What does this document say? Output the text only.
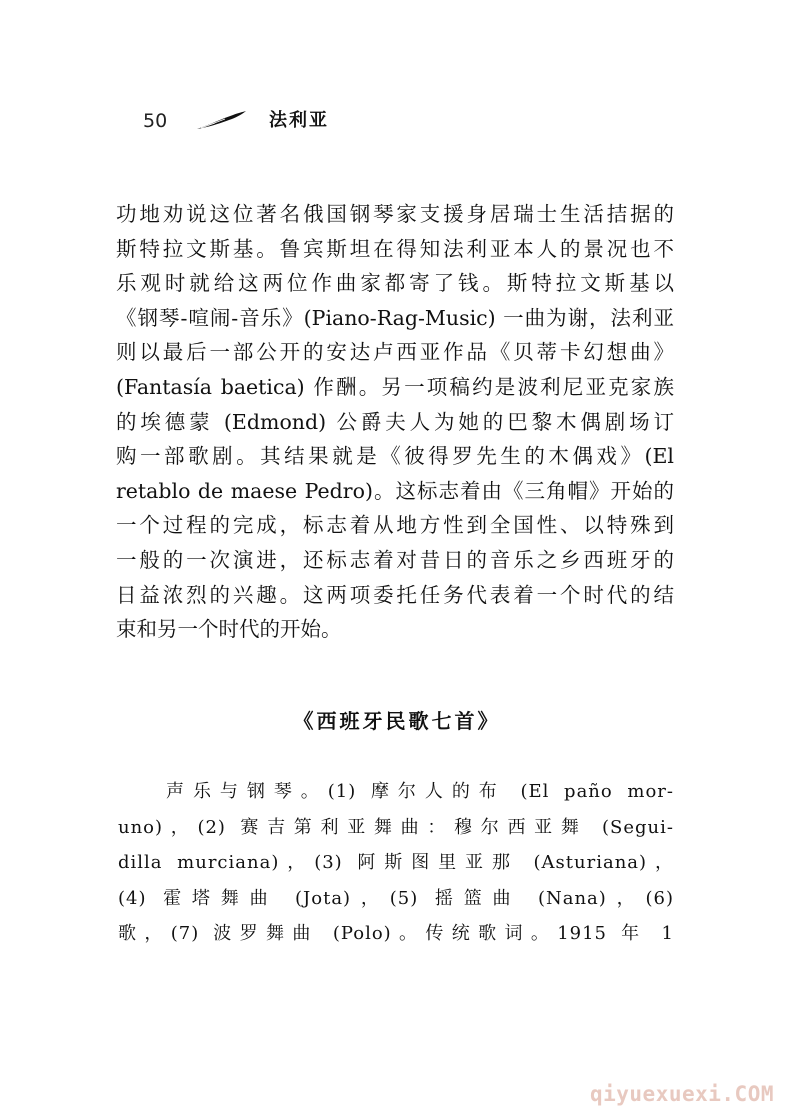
50	法利亚
功地劝说这位著名俄国钢琴家支援身居瑞士生活拮据的
斯特拉文斯基。鲁宾斯坦在得知法利亚本人的景况也不
乐观时就给这两位作曲家都寄了钱。斯特拉文斯基以
《钢琴-喧闹-音乐》(Piano-Rag-Music) 一曲为谢，法利亚
则以最后一部公开的安达卢西亚作品《贝蒂卡幻想曲》
(Fantasía baetica) 作酬。另一项稿约是波利尼亚克家族
的埃德蒙 (Edmond) 公爵夫人为她的巴黎木偶剧场订
购一部歌剧。其结果就是《彼得罗先生的木偶戏》(El
retablo de maese Pedro)。这标志着由《三角帽》开始的
一个过程的完成，标志着从地方性到全国性、以特殊到
一般的一次演进，还标志着对昔日的音乐之乡西班牙的
日益浓烈的兴趣。这两项委托任务代表着一个时代的结
束和另一个时代的开始。
《西班牙民歌七首》
声乐与钢琴。(1) 摩尔人的布 (El paño mor-
uno)，(2) 赛吉第利亚舞曲：穆尔西亚舞 (Segui-
dilla murciana)，(3) 阿斯图里亚那 (Asturiana)，
(4) 霍塔舞曲 (Jota)，(5) 摇篮曲 (Nana)，(6)
歌，(7) 波罗舞曲 (Polo)。传统歌词。1915 年 1
qiyuexuexi.COM
